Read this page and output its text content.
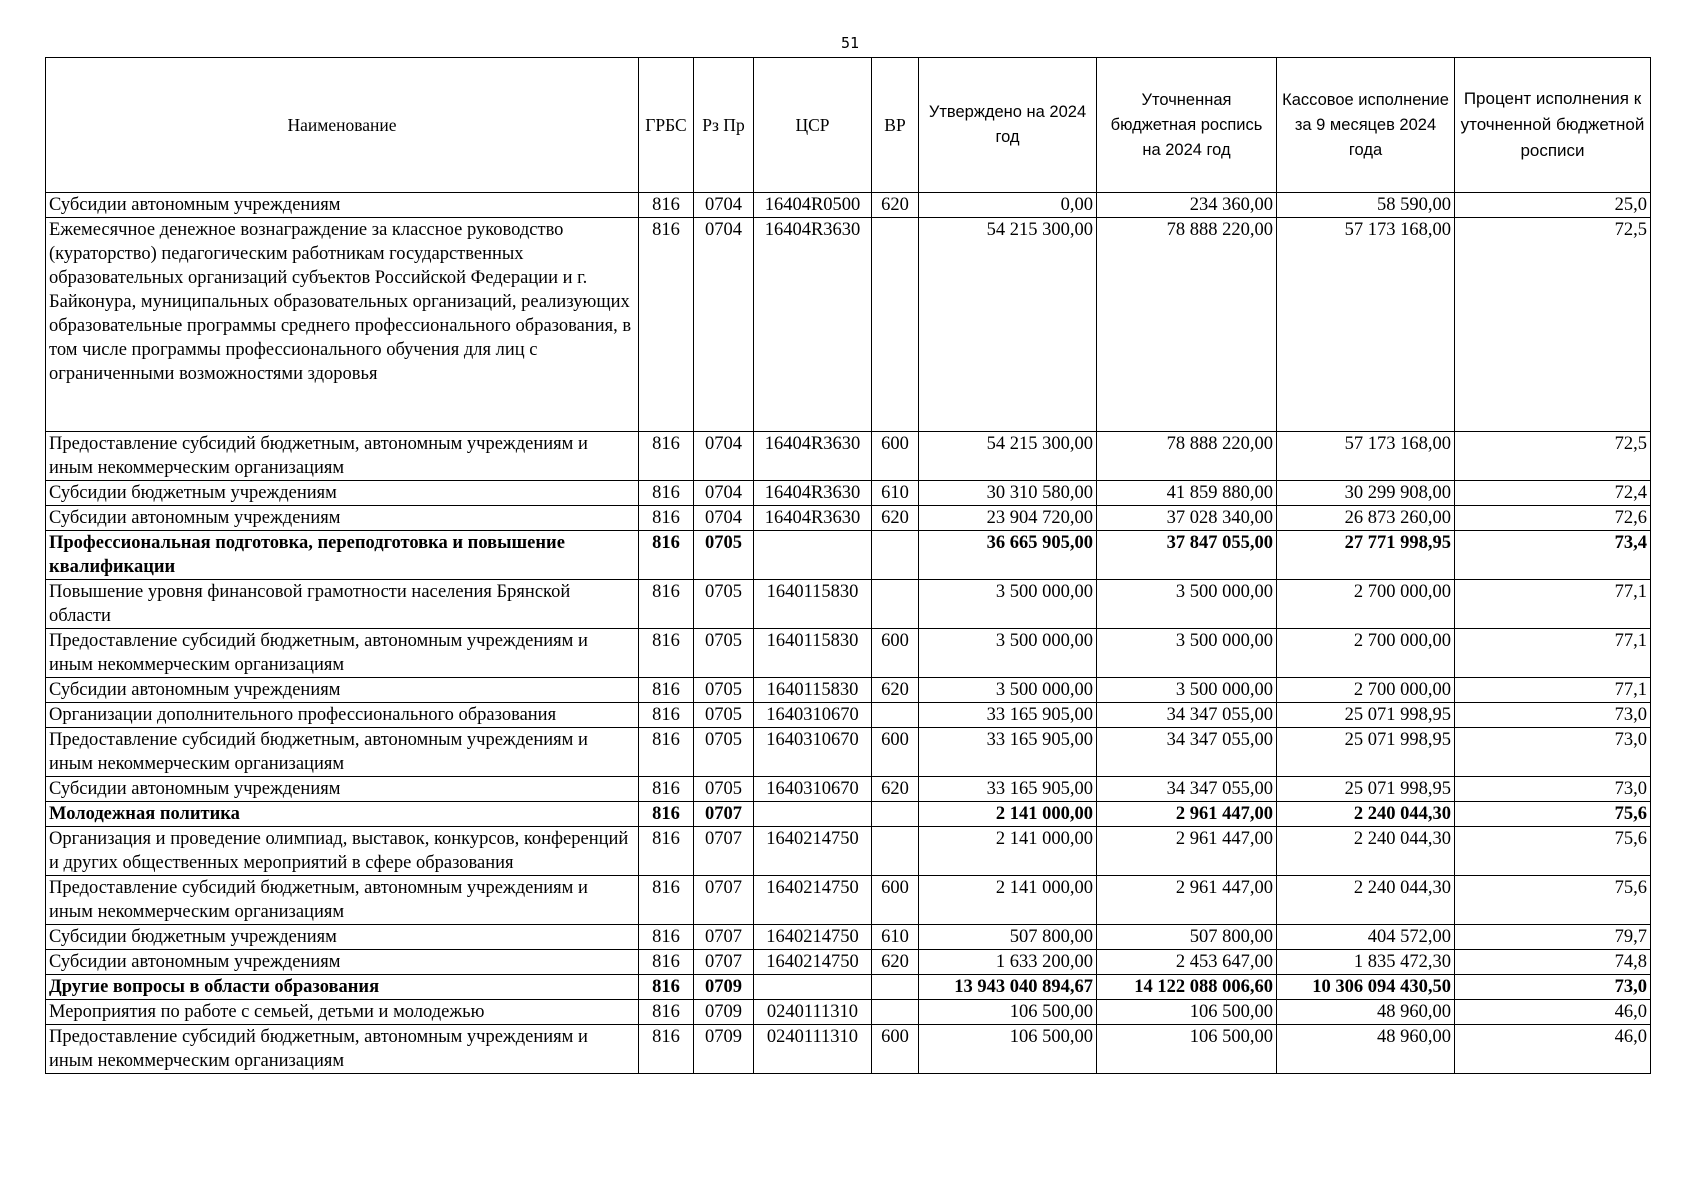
51
Наименование	ГРБС	Рз Пр	ЦСР	ВР	Утверждено на 2024 год	Уточненная бюджетная роспись на 2024 год	Кассовое исполнение за 9 месяцев 2024 года	Процент исполнения к уточненной бюджетной росписи
Субсидии автономным учреждениям	816	0704	16404R0500	620	0,00	234 360,00	58 590,00	25,0
Ежемесячное денежное вознаграждение за классное руководство (кураторство) педагогическим работникам государственных образовательных организаций субъектов Российской Федерации и г. Байконура, муниципальных образовательных организаций, реализующих образовательные программы среднего профессионального образования, в том числе программы профессионального обучения для лиц с ограниченными возможностями здоровья	816	0704	16404R3630		54 215 300,00	78 888 220,00	57 173 168,00	72,5
Предоставление субсидий бюджетным, автономным учреждениям и иным некоммерческим организациям	816	0704	16404R3630	600	54 215 300,00	78 888 220,00	57 173 168,00	72,5
Субсидии бюджетным учреждениям	816	0704	16404R3630	610	30 310 580,00	41 859 880,00	30 299 908,00	72,4
Субсидии автономным учреждениям	816	0704	16404R3630	620	23 904 720,00	37 028 340,00	26 873 260,00	72,6
Профессиональная подготовка, переподготовка и повышение квалификации	816	0705			36 665 905,00	37 847 055,00	27 771 998,95	73,4
Повышение уровня финансовой грамотности населения Брянской области	816	0705	1640115830		3 500 000,00	3 500 000,00	2 700 000,00	77,1
Предоставление субсидий бюджетным, автономным учреждениям и иным некоммерческим организациям	816	0705	1640115830	600	3 500 000,00	3 500 000,00	2 700 000,00	77,1
Субсидии автономным учреждениям	816	0705	1640115830	620	3 500 000,00	3 500 000,00	2 700 000,00	77,1
Организации дополнительного профессионального образования	816	0705	1640310670		33 165 905,00	34 347 055,00	25 071 998,95	73,0
Предоставление субсидий бюджетным, автономным учреждениям и иным некоммерческим организациям	816	0705	1640310670	600	33 165 905,00	34 347 055,00	25 071 998,95	73,0
Субсидии автономным учреждениям	816	0705	1640310670	620	33 165 905,00	34 347 055,00	25 071 998,95	73,0
Молодежная политика	816	0707			2 141 000,00	2 961 447,00	2 240 044,30	75,6
Организация и проведение олимпиад, выставок, конкурсов, конференций и других общественных мероприятий в сфере образования	816	0707	1640214750		2 141 000,00	2 961 447,00	2 240 044,30	75,6
Предоставление субсидий бюджетным, автономным учреждениям и иным некоммерческим организациям	816	0707	1640214750	600	2 141 000,00	2 961 447,00	2 240 044,30	75,6
Субсидии бюджетным учреждениям	816	0707	1640214750	610	507 800,00	507 800,00	404 572,00	79,7
Субсидии автономным учреждениям	816	0707	1640214750	620	1 633 200,00	2 453 647,00	1 835 472,30	74,8
Другие вопросы в области образования	816	0709			13 943 040 894,67	14 122 088 006,60	10 306 094 430,50	73,0
Мероприятия по работе с семьей, детьми и молодежью	816	0709	0240111310		106 500,00	106 500,00	48 960,00	46,0
Предоставление субсидий бюджетным, автономным учреждениям и иным некоммерческим организациям	816	0709	0240111310	600	106 500,00	106 500,00	48 960,00	46,0
